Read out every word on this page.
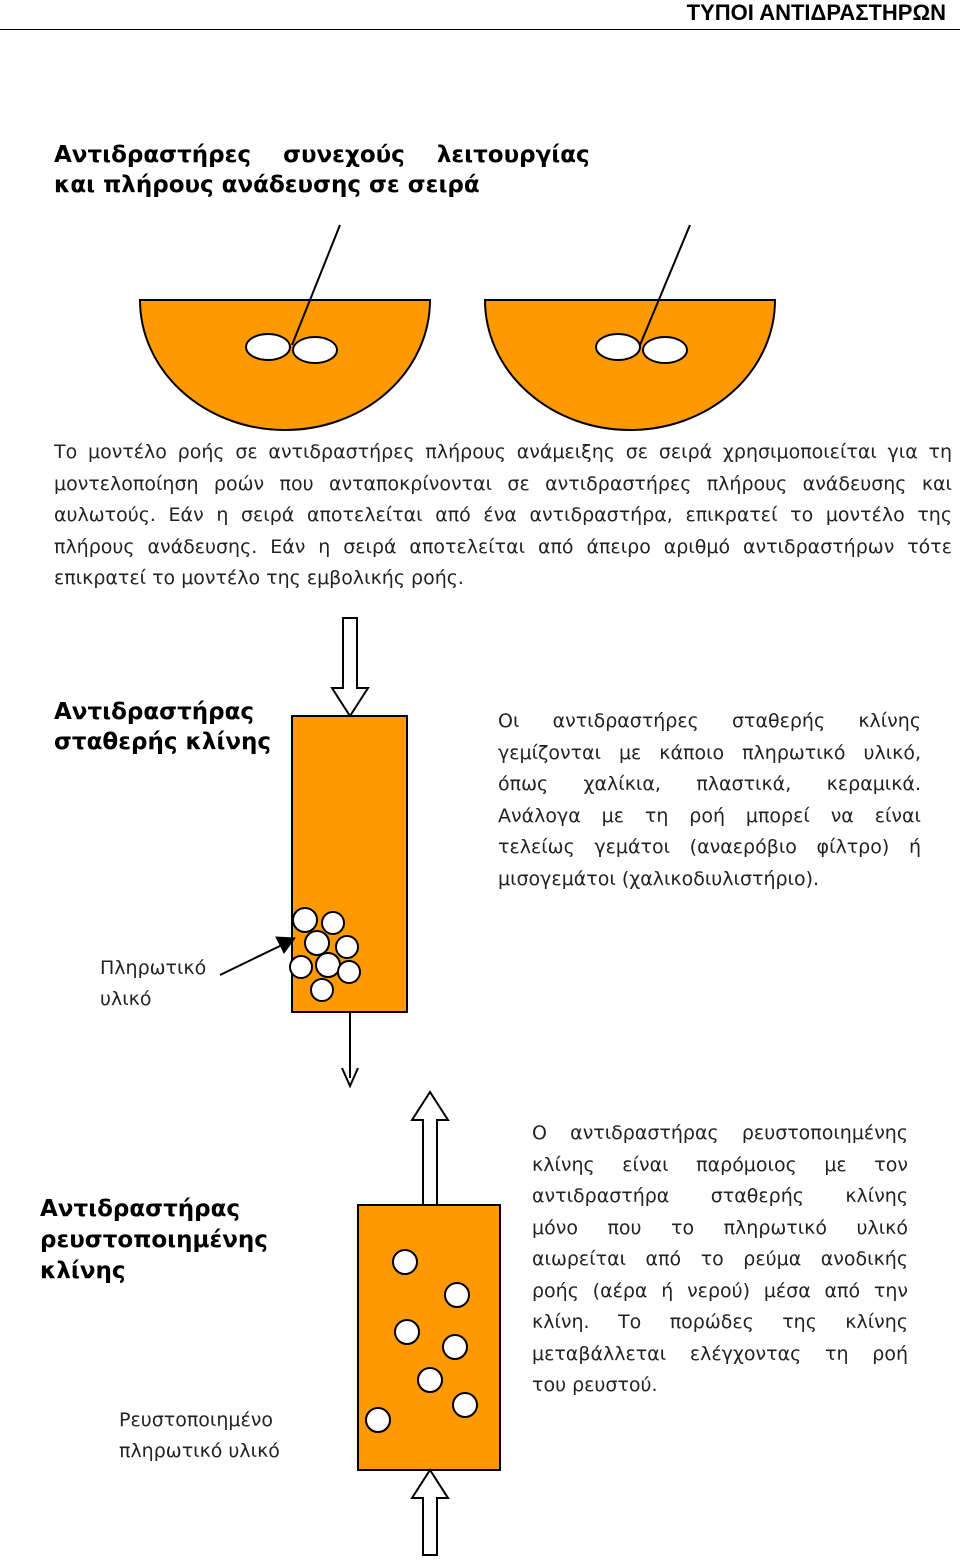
ΤΥΠΟΙ ΑΝΤΙΔΡΑΣΤΗΡΩΝ
Αντιδραστήρες    συνεχούς    λειτουργίας
και πλήρους ανάδευσης σε σειρά
Το μοντέλο ροής σε αντιδραστήρες πλήρους ανάμειξης σε σειρά χρησιμοποιείται για τη
μοντελοποίηση ροών που ανταποκρίνονται σε αντιδραστήρες πλήρους ανάδευσης και
αυλωτούς. Εάν η σειρά αποτελείται από ένα αντιδραστήρα, επικρατεί το μοντέλο της
πλήρους ανάδευσης. Εάν η σειρά αποτελείται από άπειρο αριθμό αντιδραστήρων τότε
επικρατεί το μοντέλο της εμβολικής ροής.
Αντιδραστήρας
σταθερής κλίνης
Οι αντιδραστήρες σταθερής κλίνης
γεμίζονται με κάποιο πληρωτικό υλικό,
όπως χαλίκια, πλαστικά, κεραμικά.
Ανάλογα με τη ροή μπορεί να είναι
τελείως γεμάτοι (αναερόβιο φίλτρο) ή
μισογεμάτοι (χαλικοδιυλιστήριο).
Πληρωτικό
υλικό
Αντιδραστήρας
ρευστοποιημένης
κλίνης
Ο αντιδραστήρας ρευστοποιημένης
κλίνης είναι παρόμοιος με τον
αντιδραστήρα σταθερής κλίνης
μόνο που το πληρωτικό υλικό
αιωρείται από το ρεύμα ανοδικής
ροής (αέρα ή νερού) μέσα από την
κλίνη. Το πορώδες της κλίνης
μεταβάλλεται ελέγχοντας τη ροή
του ρευστού.
Ρευστοποιημένο
πληρωτικό υλικό
